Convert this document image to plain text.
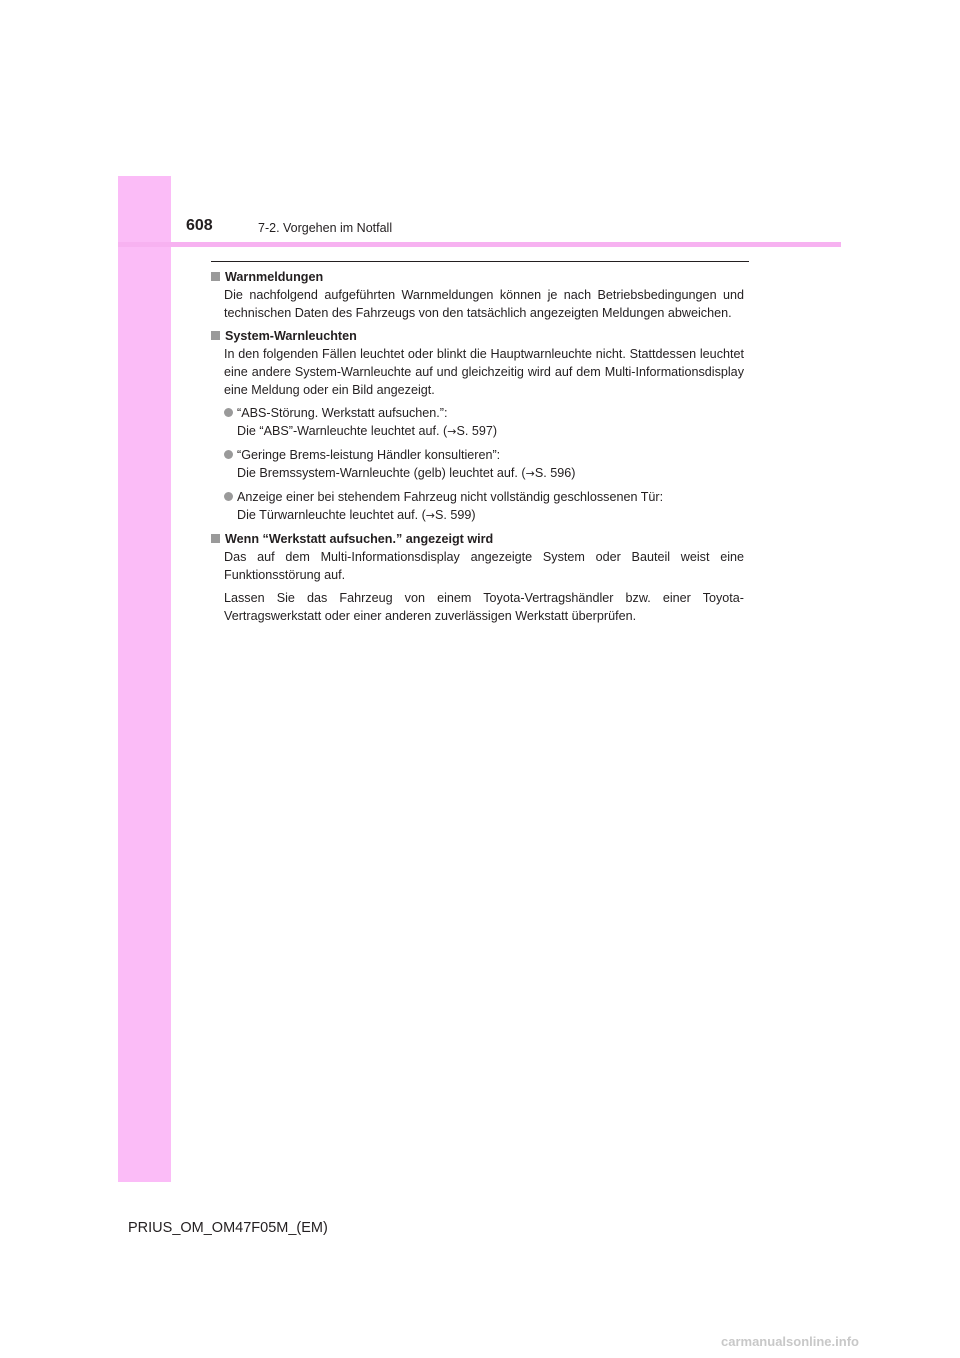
608	7-2. Vorgehen im Notfall
Warnmeldungen

Die nachfolgend aufgeführten Warnmeldungen können je nach Betriebsbedingungen und technischen Daten des Fahrzeugs von den tatsächlich angezeigten Meldungen abweichen.

System-Warnleuchten

In den folgenden Fällen leuchtet oder blinkt die Hauptwarnleuchte nicht. Stattdessen leuchtet eine andere System-Warnleuchte auf und gleichzeitig wird auf dem Multi-Informationsdisplay eine Meldung oder ein Bild angezeigt.

“ABS-Störung. Werkstatt aufsuchen.”:
Die “ABS”-Warnleuchte leuchtet auf. (→S. 597)
“Geringe Brems-leistung Händler konsultieren”:
Die Bremssystem-Warnleuchte (gelb) leuchtet auf. (→S. 596)
Anzeige einer bei stehendem Fahrzeug nicht vollständig geschlossenen Tür:
Die Türwarnleuchte leuchtet auf. (→S. 599)
Wenn “Werkstatt aufsuchen.” angezeigt wird

Das auf dem Multi-Informationsdisplay angezeigte System oder Bauteil weist eine Funktionsstörung auf.

Lassen Sie das Fahrzeug von einem Toyota-Vertragshändler bzw. einer Toyota-Vertragswerkstatt oder einer anderen zuverlässigen Werkstatt überprüfen.

PRIUS_OM_OM47F05M_(EM)
carmanualsonline.info
